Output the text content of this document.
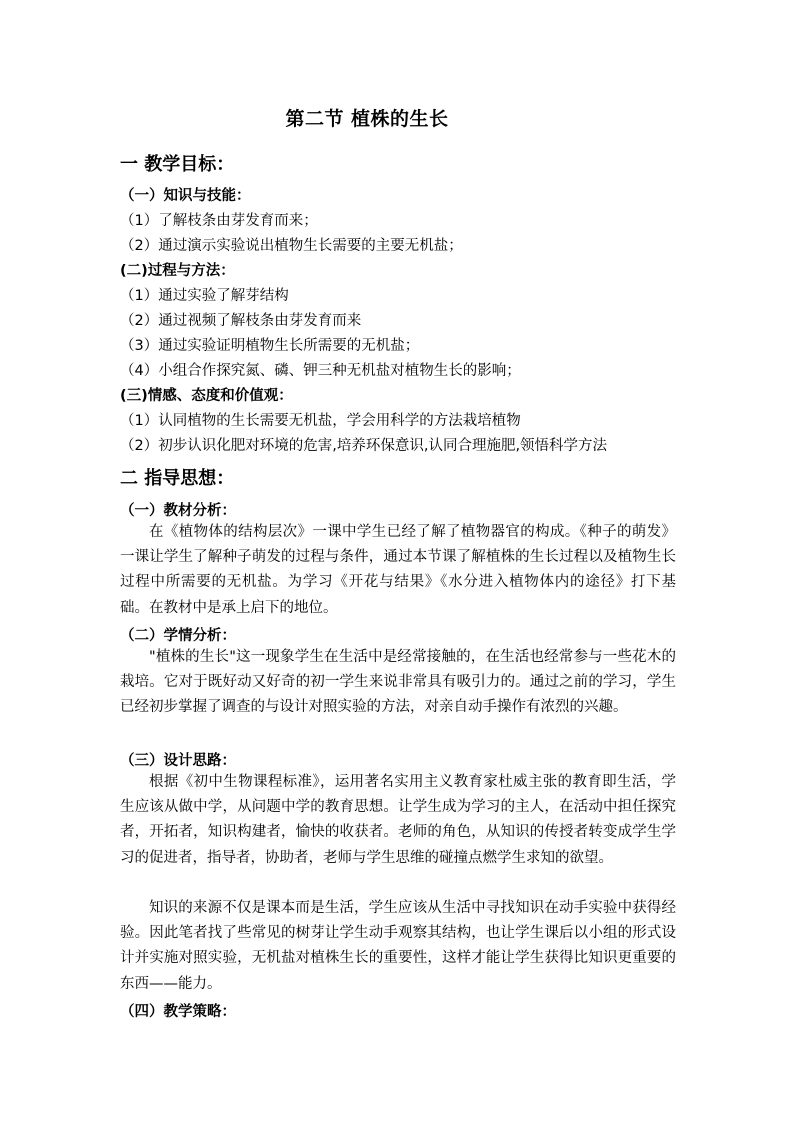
第二节 植株的生长
一 教学目标：
（一）知识与技能：
（1）了解枝条由芽发育而来；
（2）通过演示实验说出植物生长需要的主要无机盐；
(二)过程与方法：
（1）通过实验了解芽结构
（2）通过视频了解枝条由芽发育而来
（3）通过实验证明植物生长所需要的无机盐；
（4）小组合作探究氮、磷、钾三种无机盐对植物生长的影响；
(三)情感、态度和价值观：
（1）认同植物的生长需要无机盐，学会用科学的方法栽培植物
（2）初步认识化肥对环境的危害,培养环保意识,认同合理施肥,领悟科学方法
二 指导思想：
（一）教材分析：
在《植物体的结构层次》一课中学生已经了解了植物器官的构成。《种子的萌发》一课让学生了解种子萌发的过程与条件，通过本节课了解植株的生长过程以及植物生长过程中所需要的无机盐。为学习《开花与结果》《水分进入植物体内的途径》打下基础。在教材中是承上启下的地位。
（二）学情分析：
"植株的生长"这一现象学生在生活中是经常接触的，在生活也经常参与一些花木的栽培。它对于既好动又好奇的初一学生来说非常具有吸引力的。通过之前的学习，学生已经初步掌握了调查的与设计对照实验的方法，对亲自动手操作有浓烈的兴趣。
（三）设计思路：
根据《初中生物课程标准》，运用著名实用主义教育家杜威主张的教育即生活，学生应该从做中学，从问题中学的教育思想。让学生成为学习的主人，在活动中担任探究者，开拓者，知识构建者，愉快的收获者。老师的角色，从知识的传授者转变成学生学习的促进者，指导者，协助者，老师与学生思维的碰撞点燃学生求知的欲望。
知识的来源不仅是课本而是生活，学生应该从生活中寻找知识在动手实验中获得经验。因此笔者找了些常见的树芽让学生动手观察其结构，也让学生课后以小组的形式设计并实施对照实验，无机盐对植株生长的重要性，这样才能让学生获得比知识更重要的东西——能力。
（四）教学策略：
